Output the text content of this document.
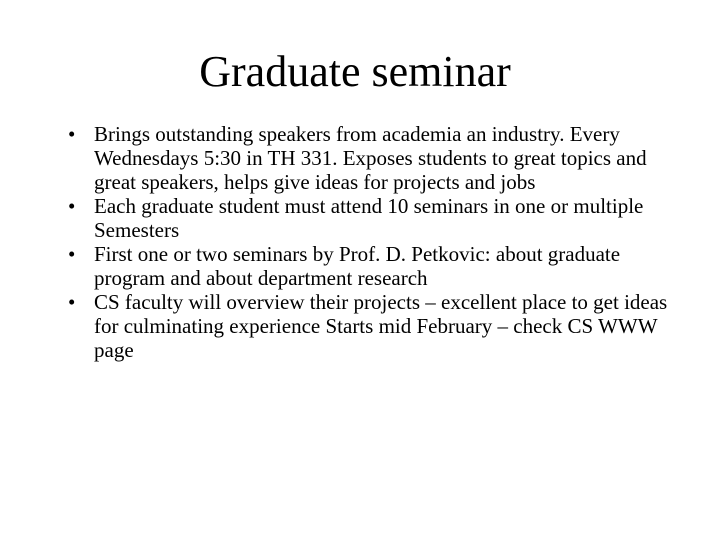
Graduate seminar
• Brings outstanding speakers from academia an industry. Every Wednesdays 5:30 in TH 331. Exposes students to great topics and great speakers, helps give ideas for projects and jobs
• Each graduate student must attend 10 seminars in one or multiple Semesters
• First one or two seminars by Prof. D. Petkovic: about graduate program and about department research
• CS faculty will overview their projects – excellent place to get ideas for culminating experience Starts mid February – check CS WWW page
